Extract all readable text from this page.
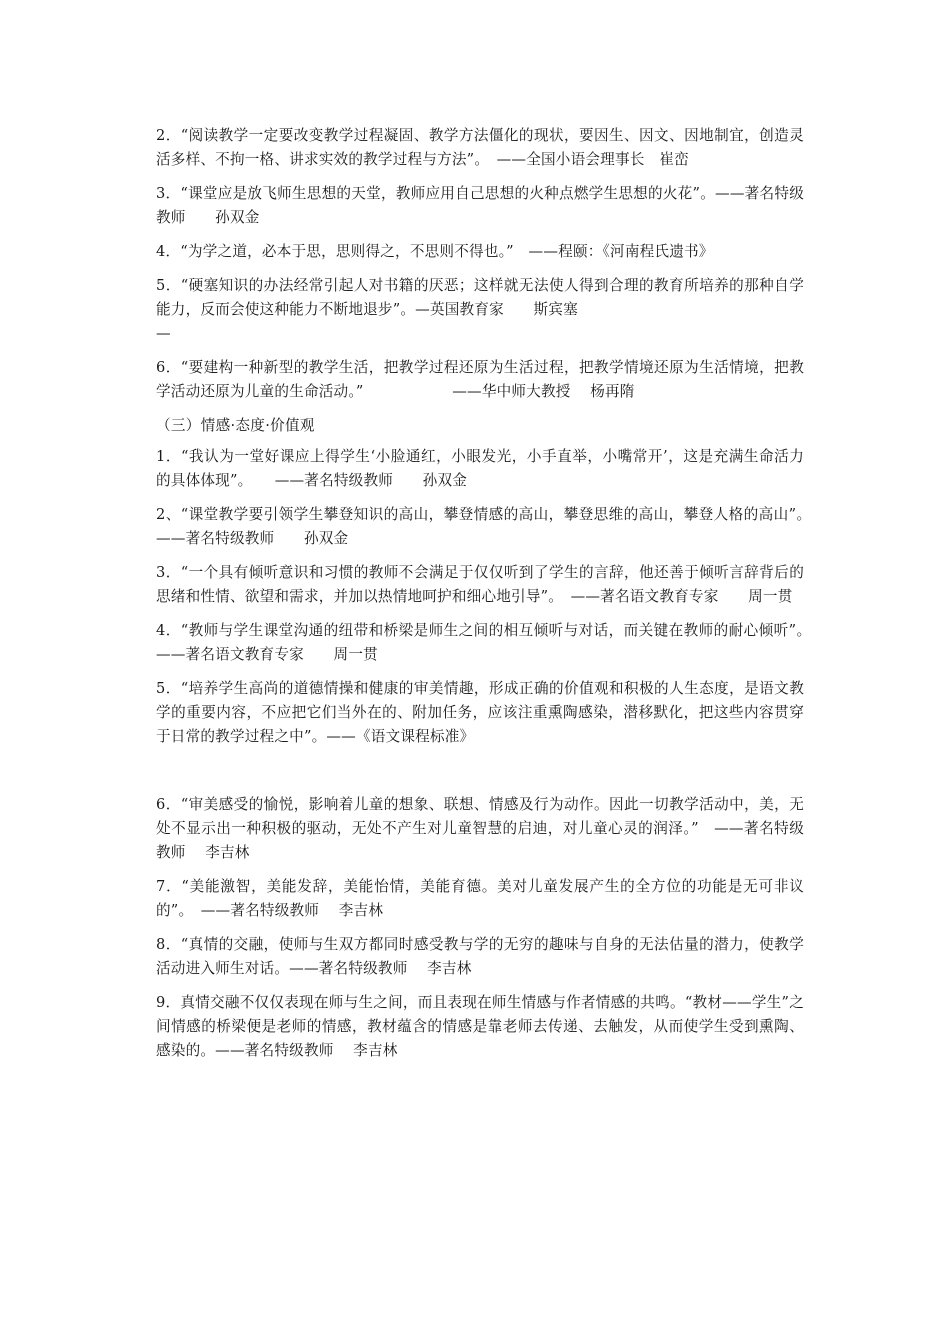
2．“阅读教学一定要改变教学过程凝固、教学方法僵化的现状，要因生、因文、因地制宜，创造灵活多样、不拘一格、讲求实效的教学过程与方法”。　——全国小语会理事长　崔峦

3．“课堂应是放飞师生思想的天堂，教师应用自己思想的火种点燃学生思想的火花”。——著名特级教师　　孙双金

4．“为学之道，必本于思，思则得之，不思则不得也。”　——程颐：《河南程氏遗书》

5．“硬塞知识的办法经常引起人对书籍的厌恶；这样就无法使人得到合理的教育所培养的那种自学能力，反而会使这种能力不断地退步”。—英国教育家　　斯宾塞
—

6．“要建构一种新型的教学生活，把教学过程还原为生活过程，把教学情境还原为生活情境，把教学活动还原为儿童的生命活动。”　　　　　　——华中师大教授　 杨再隋

（三）情感·态度·价值观

1．“我认为一堂好课应上得学生‘小脸通红，小眼发光，小手直举，小嘴常开’，这是充满生命活力的具体体现”。　　——著名特级教师　　孙双金

2、“课堂教学要引领学生攀登知识的高山，攀登情感的高山，攀登思维的高山，攀登人格的高山”。　　——著名特级教师　　孙双金

3．“一个具有倾听意识和习惯的教师不会满足于仅仅听到了学生的言辞，他还善于倾听言辞背后的思绪和性情、欲望和需求，并加以热情地呵护和细心地引导”。　——著名语文教育专家　　周一贯

4．“教师与学生课堂沟通的纽带和桥梁是师生之间的相互倾听与对话，而关键在教师的耐心倾听”。　——著名语文教育专家　　周一贯

5．“培养学生高尚的道德情操和健康的审美情趣，形成正确的价值观和积极的人生态度，是语文教学的重要内容，不应把它们当外在的、附加任务，应该注重熏陶感染，潜移默化，把这些内容贯穿于日常的教学过程之中”。——《语文课程标准》

6．“审美感受的愉悦，影响着儿童的想象、联想、情感及行为动作。因此一切教学活动中，美，无处不显示出一种积极的驱动，无处不产生对儿童智慧的启迪，对儿童心灵的润泽。”　——著名特级教师　 李吉林

7．“美能激智，美能发辞，美能怡情，美能育德。美对儿童发展产生的全方位的功能是无可非议的”。　——著名特级教师　 李吉林

8．“真情的交融，使师与生双方都同时感受教与学的无穷的趣味与自身的无法估量的潜力，使教学活动进入师生对话。——著名特级教师　 李吉林

9．真情交融不仅仅表现在师与生之间，而且表现在师生情感与作者情感的共鸣。“教材——学生”之间情感的桥梁便是老师的情感，教材蕴含的情感是靠老师去传递、去触发，从而使学生受到熏陶、感染的。——著名特级教师　 李吉林
